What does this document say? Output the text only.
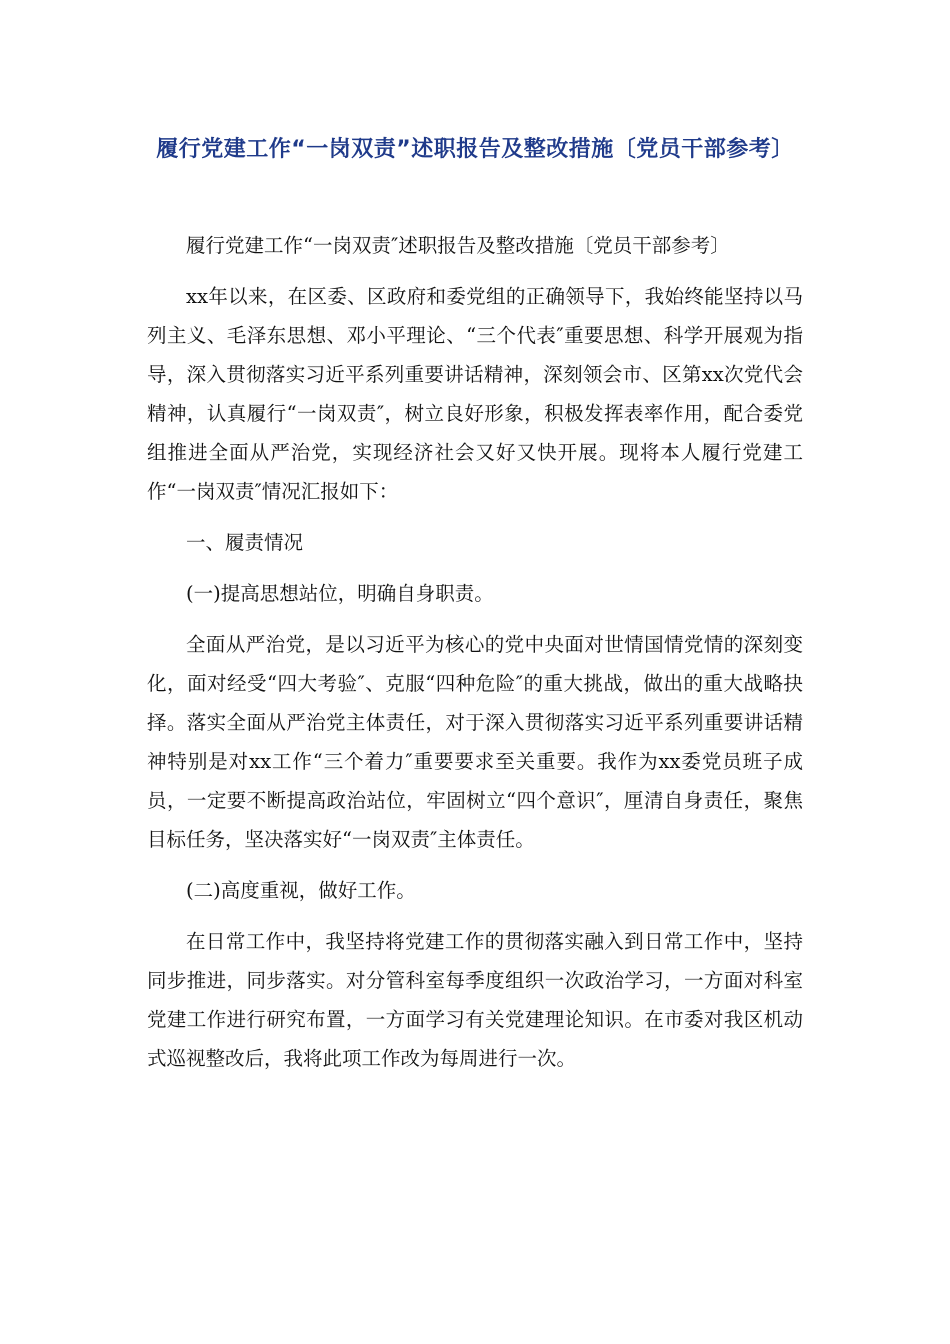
履行党建工作“一岗双责”述职报告及整改措施〔党员干部参考〕

履行党建工作“一岗双责″述职报告及整改措施〔党员干部参考〕

xx年以来，在区委、区政府和委党组的正确领导下，我始终能坚持以马列主义、毛泽东思想、邓小平理论、“三个代表″重要思想、科学开展观为指导，深入贯彻落实习近平系列重要讲话精神，深刻领会市、区第xx次党代会精神，认真履行“一岗双责″，树立良好形象，积极发挥表率作用，配合委党组推进全面从严治党，实现经济社会又好又快开展。现将本人履行党建工作“一岗双责″情况汇报如下：

一、履责情况

(一)提高思想站位，明确自身职责。

全面从严治党，是以习近平为核心的党中央面对世情国情党情的深刻变化，面对经受“四大考验″、克服“四种危险″的重大挑战，做出的重大战略抉择。落实全面从严治党主体责任，对于深入贯彻落实习近平系列重要讲话精神特别是对xx工作“三个着力″重要要求至关重要。我作为xx委党员班子成员，一定要不断提高政治站位，牢固树立“四个意识″，厘清自身责任，聚焦目标任务，坚决落实好“一岗双责″主体责任。

(二)高度重视，做好工作。

在日常工作中，我坚持将党建工作的贯彻落实融入到日常工作中，坚持同步推进，同步落实。对分管科室每季度组织一次政治学习，一方面对科室党建工作进行研究布置，一方面学习有关党建理论知识。在市委对我区机动式巡视整改后，我将此项工作改为每周进行一次。
